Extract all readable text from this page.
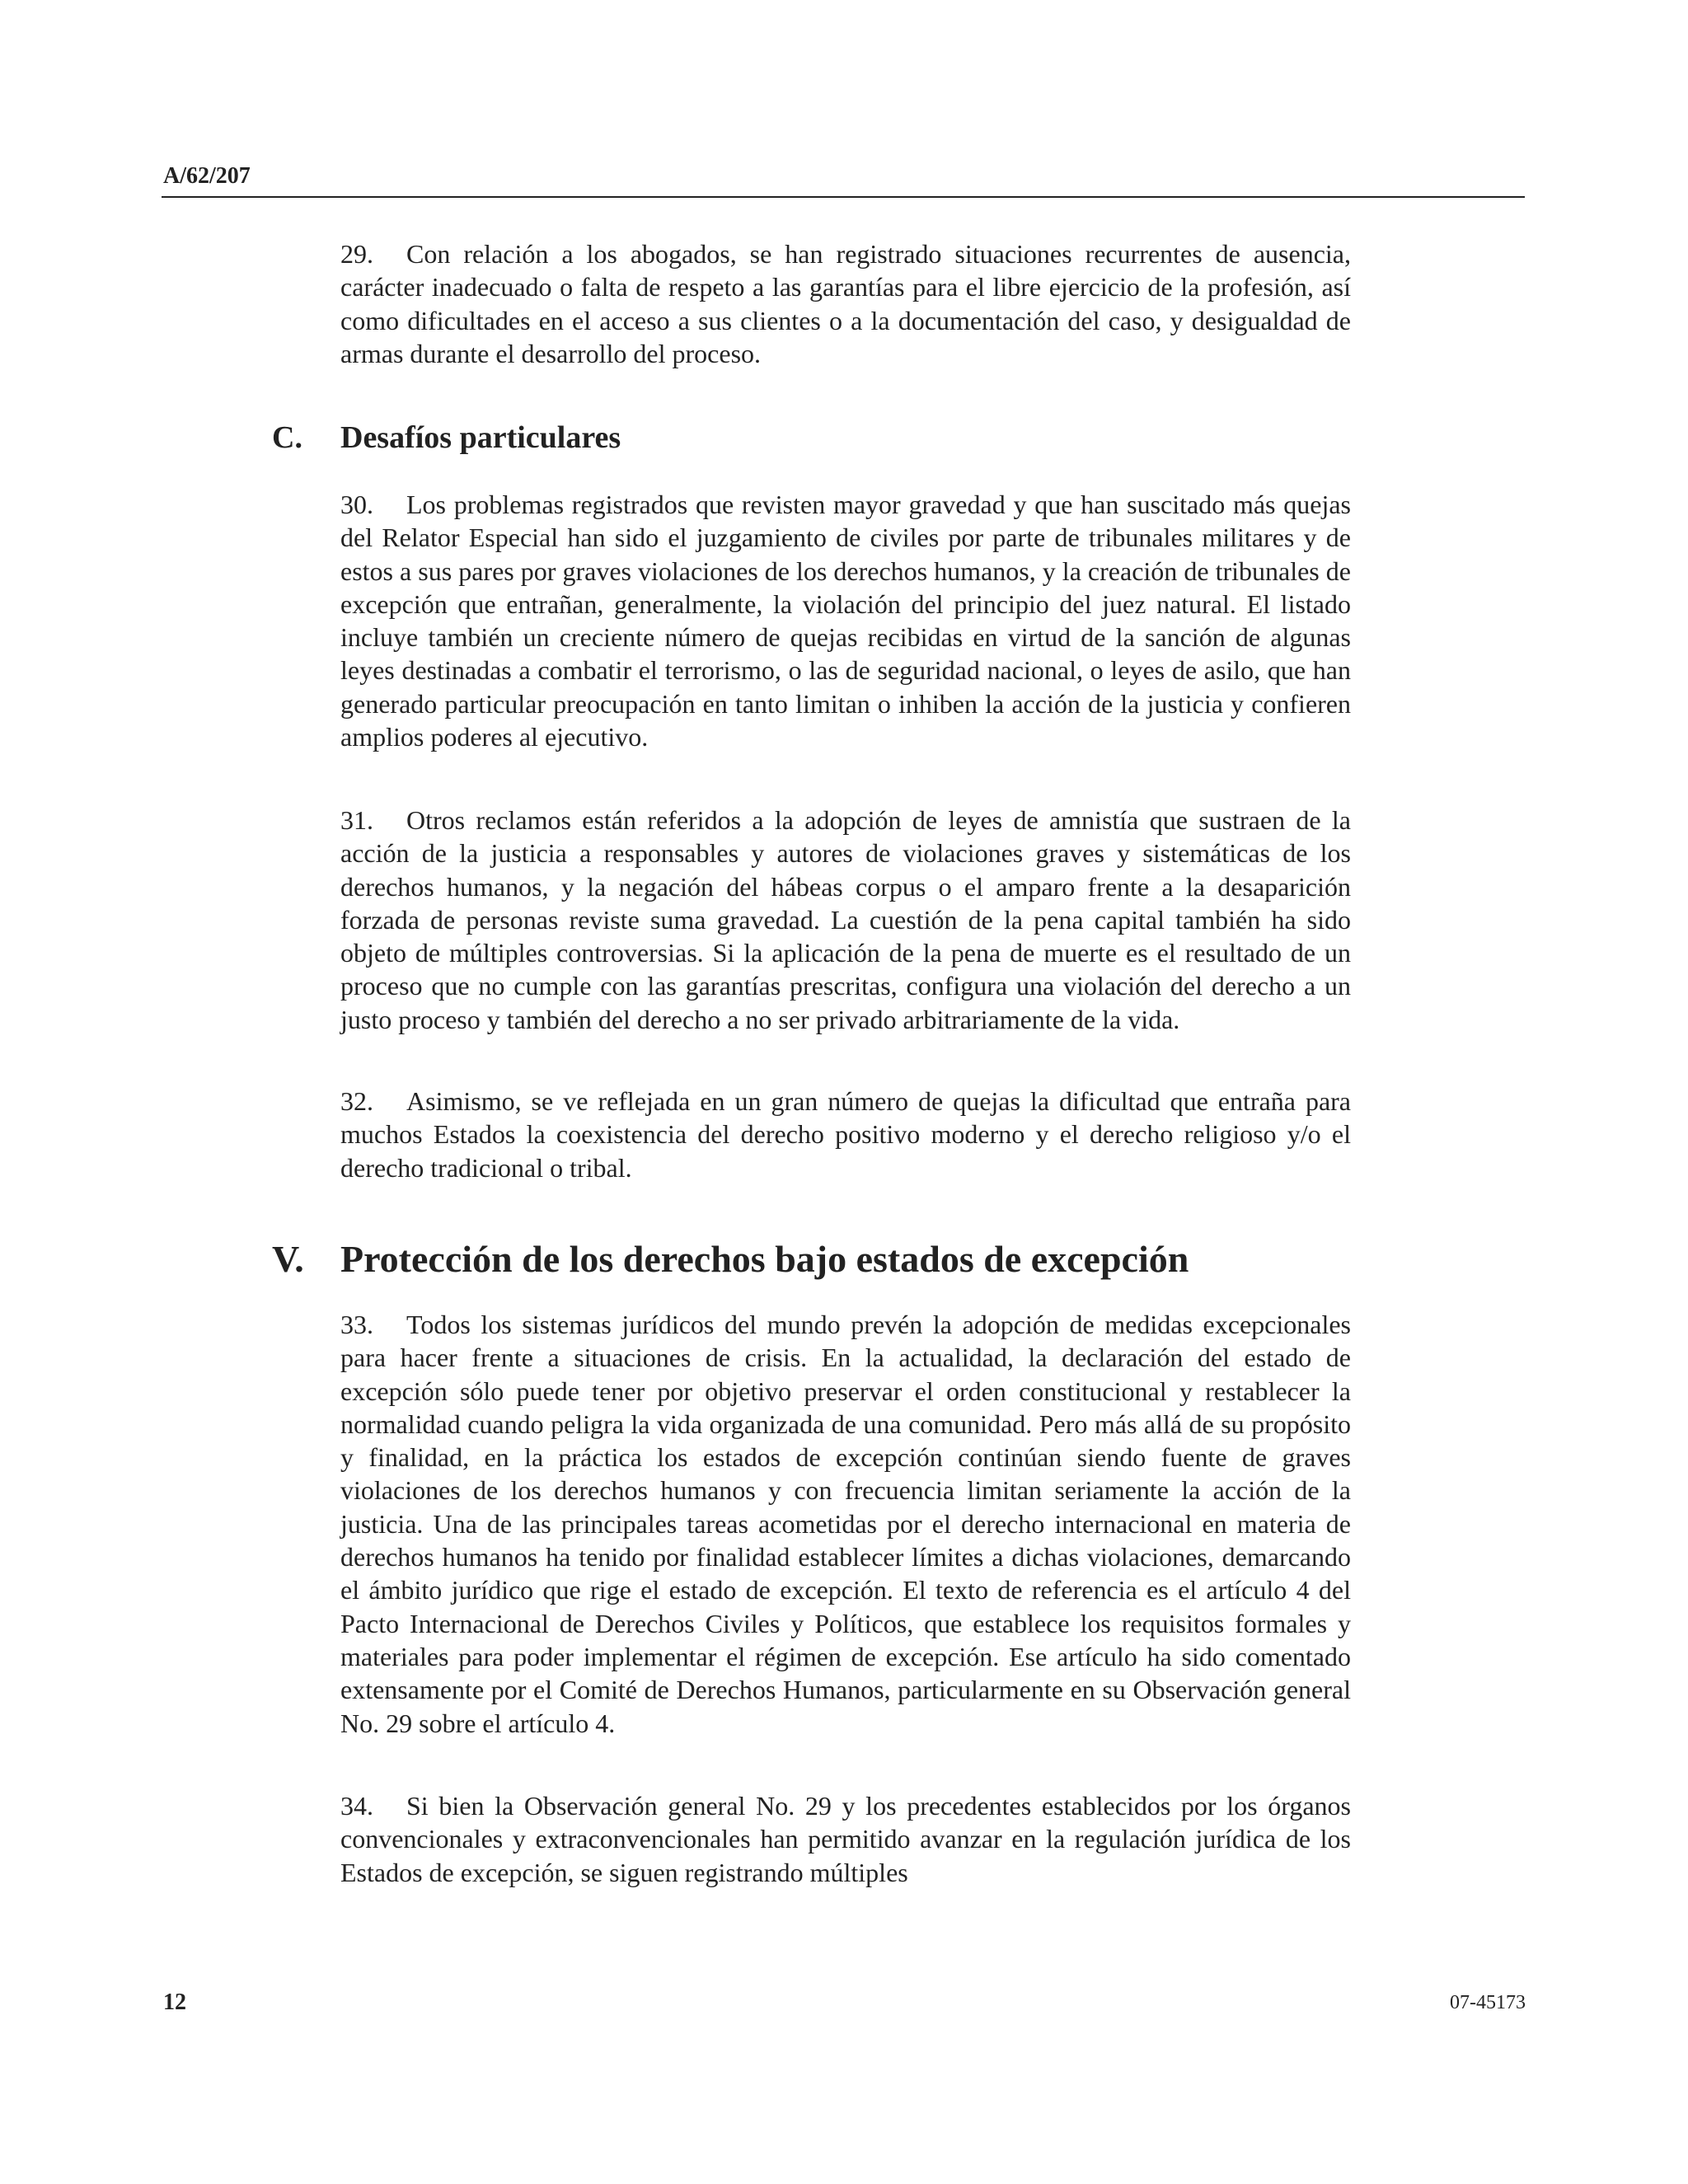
A/62/207

29. Con relación a los abogados, se han registrado situaciones recurrentes de ausencia, carácter inadecuado o falta de respeto a las garantías para el libre ejercicio de la profesión, así como dificultades en el acceso a sus clientes o a la documentación del caso, y desigualdad de armas durante el desarrollo del proceso.

C.	Desafíos particulares

30. Los problemas registrados que revisten mayor gravedad y que han suscitado más quejas del Relator Especial han sido el juzgamiento de civiles por parte de tribunales militares y de estos a sus pares por graves violaciones de los derechos humanos, y la creación de tribunales de excepción que entrañan, generalmente, la violación del principio del juez natural. El listado incluye también un creciente número de quejas recibidas en virtud de la sanción de algunas leyes destinadas a combatir el terrorismo, o las de seguridad nacional, o leyes de asilo, que han generado particular preocupación en tanto limitan o inhiben la acción de la justicia y confieren amplios poderes al ejecutivo.

31. Otros reclamos están referidos a la adopción de leyes de amnistía que sustraen de la acción de la justicia a responsables y autores de violaciones graves y sistemáticas de los derechos humanos, y la negación del hábeas corpus o el amparo frente a la desaparición forzada de personas reviste suma gravedad. La cuestión de la pena capital también ha sido objeto de múltiples controversias. Si la aplicación de la pena de muerte es el resultado de un proceso que no cumple con las garantías prescritas, configura una violación del derecho a un justo proceso y también del derecho a no ser privado arbitrariamente de la vida.

32. Asimismo, se ve reflejada en un gran número de quejas la dificultad que entraña para muchos Estados la coexistencia del derecho positivo moderno y el derecho religioso y/o el derecho tradicional o tribal.

V. Protección de los derechos bajo estados de excepción

33. Todos los sistemas jurídicos del mundo prevén la adopción de medidas excepcionales para hacer frente a situaciones de crisis. En la actualidad, la declaración del estado de excepción sólo puede tener por objetivo preservar el orden constitucional y restablecer la normalidad cuando peligra la vida organizada de una comunidad. Pero más allá de su propósito y finalidad, en la práctica los estados de excepción continúan siendo fuente de graves violaciones de los derechos humanos y con frecuencia limitan seriamente la acción de la justicia. Una de las principales tareas acometidas por el derecho internacional en materia de derechos humanos ha tenido por finalidad establecer límites a dichas violaciones, demarcando el ámbito jurídico que rige el estado de excepción. El texto de referencia es el artículo 4 del Pacto Internacional de Derechos Civiles y Políticos, que establece los requisitos formales y materiales para poder implementar el régimen de excepción. Ese artículo ha sido comentado extensamente por el Comité de Derechos Humanos, particularmente en su Observación general No. 29 sobre el artículo 4.

34. Si bien la Observación general No. 29 y los precedentes establecidos por los órganos convencionales y extraconvencionales han permitido avanzar en la regulación jurídica de los Estados de excepción, se siguen registrando múltiples

12	07-45173
